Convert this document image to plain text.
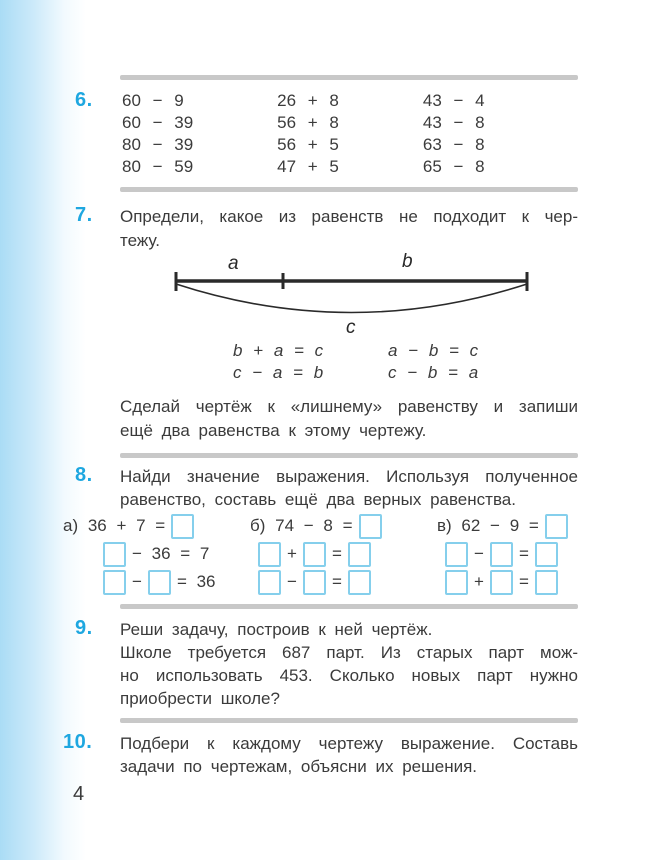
6. 60 − 9
60 − 39
80 − 39
80 − 59
26 + 8
56 + 8
56 + 5
47 + 5
43 − 4
43 − 8
63 − 8
65 − 8
7. Определи, какое из равенств не подходит к чер-
тежу.
a	b
c
b + a = c
c − a = b
a − b = c
c − b = a
Сделай чертёж к «лишнему» равенству и запиши
ещё два равенства к этому чертежу.
8. Найди значение выражения. Используя полученное
равенство, составь ещё два верных равенства.
а) 36 + 7 =
− 36 = 7
− = 36
б) 74 − 8 =
+ =
− =
в) 62 − 9 =
− =
+ =
9. Реши задачу, построив к ней чертёж.
Школе требуется 687 парт. Из старых парт мож-
но использовать 453. Сколько новых парт нужно
приобрести школе?
10. Подбери к каждому чертежу выражение. Составь
задачи по чертежам, объясни их решения.
4
